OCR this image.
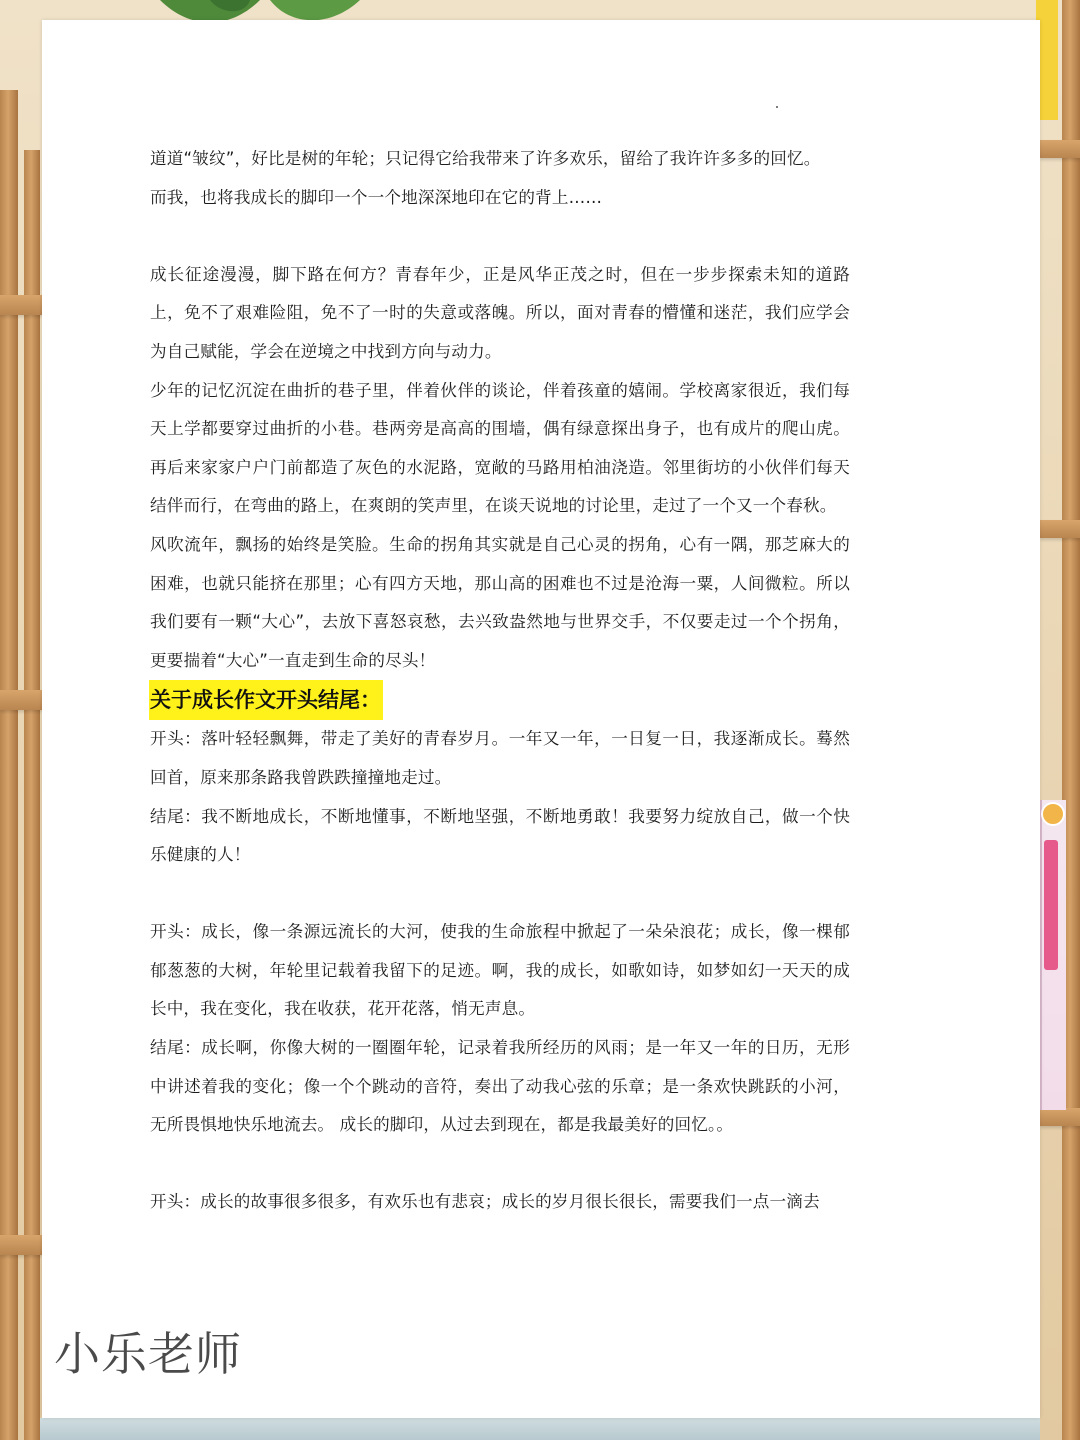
道道“皱纹”，好比是树的年轮；只记得它给我带来了许多欢乐，留给了我许许多多的回忆。

而我，也将我成长的脚印一个一个地深深地印在它的背上……

成长征途漫漫，脚下路在何方？青春年少，正是风华正茂之时，但在一步步探索未知的道路上，免不了艰难险阻，免不了一时的失意或落魄。所以，面对青春的懵懂和迷茫，我们应学会为自己赋能，学会在逆境之中找到方向与动力。

少年的记忆沉淀在曲折的巷子里，伴着伙伴的谈论，伴着孩童的嬉闹。学校离家很近，我们每天上学都要穿过曲折的小巷。巷两旁是高高的围墙，偶有绿意探出身子，也有成片的爬山虎。再后来家家户户门前都造了灰色的水泥路，宽敞的马路用柏油浇造。邻里街坊的小伙伴们每天结伴而行，在弯曲的路上，在爽朗的笑声里，在谈天说地的讨论里，走过了一个又一个春秋。

风吹流年，飘扬的始终是笑脸。生命的拐角其实就是自己心灵的拐角，心有一隅，那芝麻大的困难，也就只能挤在那里；心有四方天地，那山高的困难也不过是沧海一粟，人间微粒。所以我们要有一颗“大心”，去放下喜怒哀愁，去兴致盎然地与世界交手，不仅要走过一个个拐角，更要揣着“大心”一直走到生命的尽头！

关于成长作文开头结尾：

开头：落叶轻轻飘舞，带走了美好的青春岁月。一年又一年，一日复一日，我逐渐成长。蓦然回首，原来那条路我曾跌跌撞撞地走过。

结尾：我不断地成长，不断地懂事，不断地坚强，不断地勇敢！我要努力绽放自己，做一个快乐健康的人！

开头：成长，像一条源远流长的大河，使我的生命旅程中掀起了一朵朵浪花；成长，像一棵郁郁葱葱的大树，年轮里记载着我留下的足迹。啊，我的成长，如歌如诗，如梦如幻一天天的成长中，我在变化，我在收获，花开花落，悄无声息。

结尾：成长啊，你像大树的一圈圈年轮，记录着我所经历的风雨；是一年又一年的日历，无形中讲述着我的变化；像一个个跳动的音符，奏出了动我心弦的乐章；是一条欢快跳跃的小河，无所畏惧地快乐地流去。 成长的脚印，从过去到现在，都是我最美好的回忆。。

开头：成长的故事很多很多，有欢乐也有悲哀；成长的岁月很长很长，需要我们一点一滴去

小乐老师
